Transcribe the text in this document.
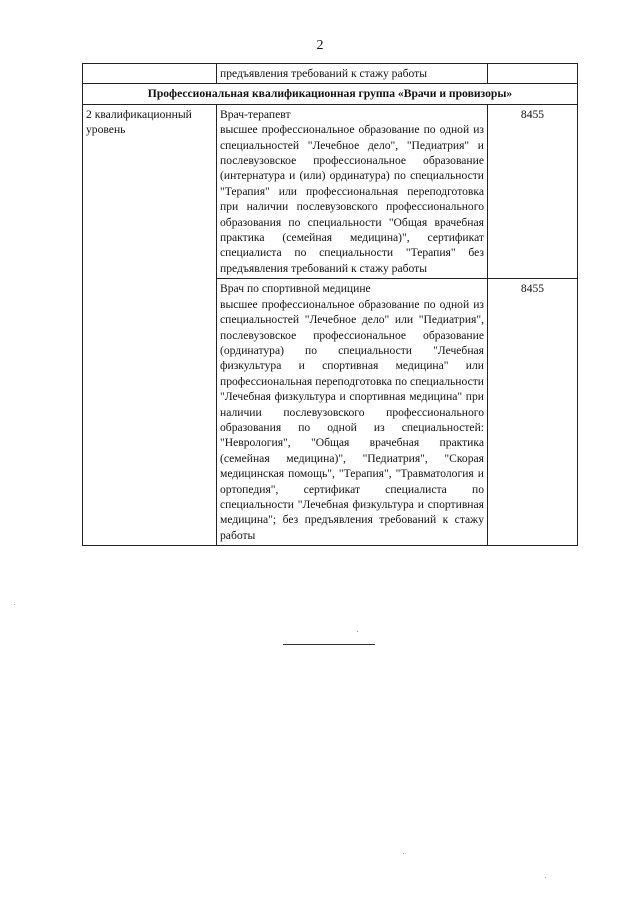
2
	предъявления требований к стажу работы	
Профессиональная квалификационная группа «Врачи и провизоры»		
2 квалификационный уровень	Врач-терапевт
высшее профессиональное образование по одной из специальностей "Лечебное дело", "Педиатрия" и послевузовское профессиональное образование (интернатура и (или) ординатура) по специальности "Терапия" или профессиональная переподготовка при наличии послевузовского профессионального образования по специальности "Общая врачебная практика (семейная медицина)", сертификат специалиста по специальности "Терапия" без предъявления требований к стажу работы	8455

	Врач по спортивной медицине
высшее профессиональное образование по одной из специальностей "Лечебное дело" или "Педиатрия", послевузовское профессиональное образование (ординатура) по специальности "Лечебная физкультура и спортивная медицина" или профессиональная переподготовка по специальности "Лечебная физкультура и спортивная медицина" при наличии послевузовского профессионального образования по одной из специальностей: "Неврология", "Общая врачебная практика (семейная медицина)", "Педиатрия", "Скорая медицинская помощь", "Терапия", "Травматология и ортопедия", сертификат специалиста по специальности "Лечебная физкультура и спортивная медицина"; без предъявления требований к стажу работы	8455
